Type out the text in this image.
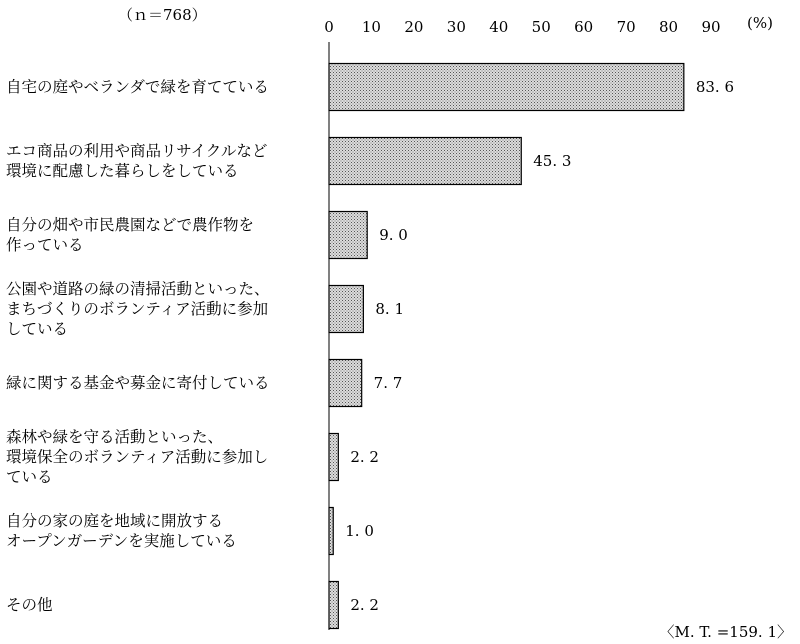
（ｎ＝768）	(%)
0 10 20 30 40 50 60 70 80 90
自宅の庭やベランダで緑を育てている
エコ商品の利用や商品リサイクルなど
環境に配慮した暮らしをしている
自分の畑や市民農園などで農作物を
作っている
公園や道路の緑の清掃活動といった、
まちづくりのボランティア活動に参加
している
緑に関する基金や募金に寄付している
森林や緑を守る活動といった、
環境保全のボランティア活動に参加し
ている
自分の家の庭を地域に開放する
オープンガーデンを実施している
その他
83. 6
45. 3
9. 0
8. 1
7. 7
2. 2
1. 0
2. 2
〈M. T. =159. 1〉
